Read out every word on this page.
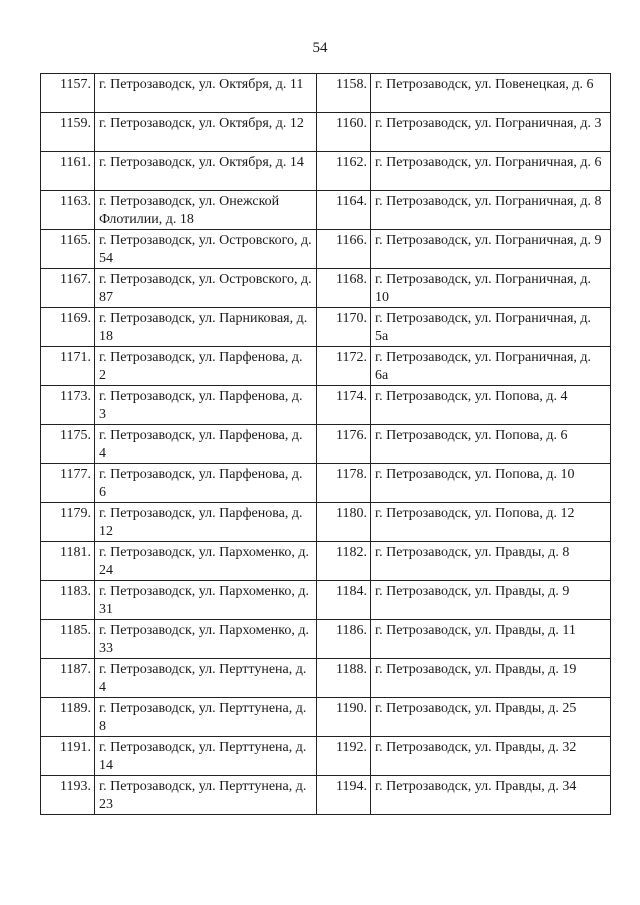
54
1157.	г. Петрозаводск, ул. Октября, д. 11	1158.	г. Петрозаводск, ул. Повенецкая, д. 6
1159.	г. Петрозаводск, ул. Октября, д. 12	1160.	г. Петрозаводск, ул. Пограничная, д. 3
1161.	г. Петрозаводск, ул. Октября, д. 14	1162.	г. Петрозаводск, ул. Пограничная, д. 6
1163.	г. Петрозаводск, ул. Онежской Флотилии, д. 18	1164.	г. Петрозаводск, ул. Пограничная, д. 8
1165.	г. Петрозаводск, ул. Островского, д. 54	1166.	г. Петрозаводск, ул. Пограничная, д. 9
1167.	г. Петрозаводск, ул. Островского, д. 87	1168.	г. Петрозаводск, ул. Пограничная, д. 10
1169.	г. Петрозаводск, ул. Парниковая, д. 18	1170.	г. Петрозаводск, ул. Пограничная, д. 5а
1171.	г. Петрозаводск, ул. Парфенова, д. 2	1172.	г. Петрозаводск, ул. Пограничная, д. 6а
1173.	г. Петрозаводск, ул. Парфенова, д. 3	1174.	г. Петрозаводск, ул. Попова, д. 4
1175.	г. Петрозаводск, ул. Парфенова, д. 4	1176.	г. Петрозаводск, ул. Попова, д. 6
1177.	г. Петрозаводск, ул. Парфенова, д. 6	1178.	г. Петрозаводск, ул. Попова, д. 10
1179.	г. Петрозаводск, ул. Парфенова, д. 12	1180.	г. Петрозаводск, ул. Попова, д. 12
1181.	г. Петрозаводск, ул. Пархоменко, д. 24	1182.	г. Петрозаводск, ул. Правды, д. 8
1183.	г. Петрозаводск, ул. Пархоменко, д. 31	1184.	г. Петрозаводск, ул. Правды, д. 9
1185.	г. Петрозаводск, ул. Пархоменко, д. 33	1186.	г. Петрозаводск, ул. Правды, д. 11
1187.	г. Петрозаводск, ул. Перттунена, д. 4	1188.	г. Петрозаводск, ул. Правды, д. 19
1189.	г. Петрозаводск, ул. Перттунена, д. 8	1190.	г. Петрозаводск, ул. Правды, д. 25
1191.	г. Петрозаводск, ул. Перттунена, д. 14	1192.	г. Петрозаводск, ул. Правды, д. 32
1193.	г. Петрозаводск, ул. Перттунена, д. 23	1194.	г. Петрозаводск, ул. Правды, д. 34
